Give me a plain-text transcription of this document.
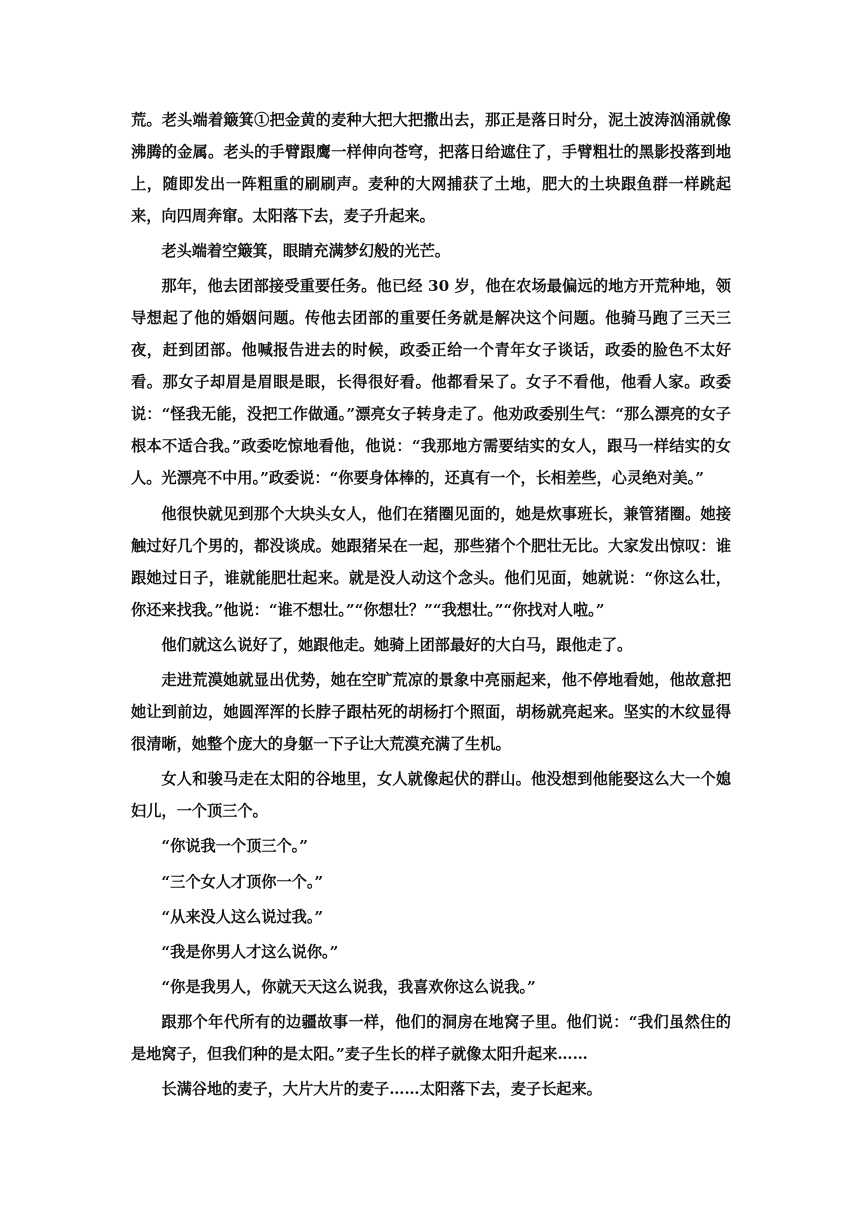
荒。老头端着簸箕①把金黄的麦种大把大把撒出去，那正是落日时分，泥土波涛汹涌就像沸腾的金属。老头的手臂跟鹰一样伸向苍穹，把落日给遮住了，手臂粗壮的黑影投落到地上，随即发出一阵粗重的刷刷声。麦种的大网捕获了土地，肥大的土块跟鱼群一样跳起来，向四周奔窜。太阳落下去，麦子升起来。

老头端着空簸箕，眼睛充满梦幻般的光芒。

那年，他去团部接受重要任务。他已经 30 岁，他在农场最偏远的地方开荒种地，领导想起了他的婚姻问题。传他去团部的重要任务就是解决这个问题。他骑马跑了三天三夜，赶到团部。他喊报告进去的时候，政委正给一个青年女子谈话，政委的脸色不太好看。那女子却眉是眉眼是眼，长得很好看。他都看呆了。女子不看他，他看人家。政委说：“怪我无能，没把工作做通。”漂亮女子转身走了。他劝政委别生气：“那么漂亮的女子根本不适合我。”政委吃惊地看他，他说：“我那地方需要结实的女人，跟马一样结实的女人。光漂亮不中用。”政委说：“你要身体棒的，还真有一个，长相差些，心灵绝对美。”

他很快就见到那个大块头女人，他们在猪圈见面的，她是炊事班长，兼管猪圈。她接触过好几个男的，都没谈成。她跟猪呆在一起，那些猪个个肥壮无比。大家发出惊叹：谁跟她过日子，谁就能肥壮起来。就是没人动这个念头。他们见面，她就说：“你这么壮，你还来找我。”他说：“谁不想壮。”“你想壮？”“我想壮。”“你找对人啦。”

他们就这么说好了，她跟他走。她骑上团部最好的大白马，跟他走了。

走进荒漠她就显出优势，她在空旷荒凉的景象中亮丽起来，他不停地看她，他故意把她让到前边，她圆浑浑的长脖子跟枯死的胡杨打个照面，胡杨就亮起来。坚实的木纹显得很清晰，她整个庞大的身躯一下子让大荒漠充满了生机。

女人和骏马走在太阳的谷地里，女人就像起伏的群山。他没想到他能娶这么大一个媳妇儿，一个顶三个。

“你说我一个顶三个。”

“三个女人才顶你一个。”

“从来没人这么说过我。”

“我是你男人才这么说你。”

“你是我男人，你就天天这么说我，我喜欢你这么说我。”

跟那个年代所有的边疆故事一样，他们的洞房在地窝子里。他们说：“我们虽然住的是地窝子，但我们种的是太阳。”麦子生长的样子就像太阳升起来……

长满谷地的麦子，大片大片的麦子……太阳落下去，麦子长起来。
